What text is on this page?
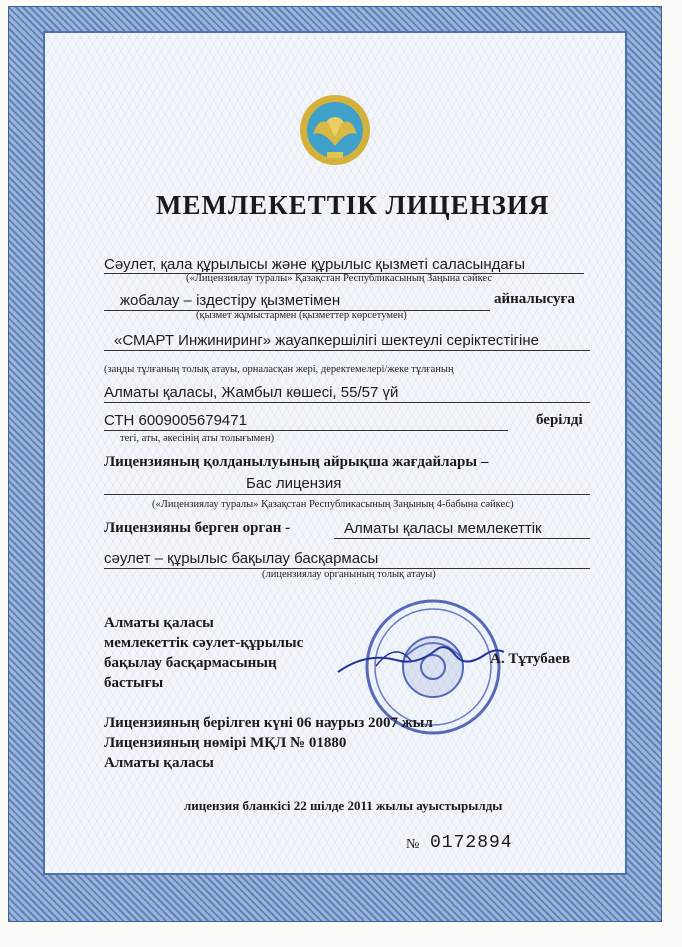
МЕМЛЕКЕТТІК ЛИЦЕНЗИЯ
Сәулет, қала құрылысы және құрылыс қызметі саласындағы
(«Лицензиялау туралы» Қазақстан Республикасының Заңына сәйкес
жобалау – іздестіру қызметімен	айналысуға
(қызмет жұмыстармен (қызметтер көрсетумен)
«СМАРТ Инжиниринг» жауапкершілігі шектеулі серіктестігіне
(заңды тұлғаның толық атауы, орналасқан жері, деректемелері/жеке тұлғаның
Алматы қаласы, Жамбыл көшесі, 55/57 үй
СТН 6009005679471	берілді
тегі, аты, әкесінің аты толығымен)
Лицензияның қолданылуының айрықша жағдайлары –
Бас лицензия
(«Лицензиялау туралы» Қазақстан Республикасының Заңының 4-бабына сәйкес)
Лицензияны берген орган -	Алматы қаласы мемлекеттік
сәулет – құрылыс бақылау басқармасы
(лицензиялау органының толық атауы)
Алматы қаласы
мемлекеттік сәулет-құрылыс
бақылау басқармасының
бастығы
А. Тұтубаев
Лицензияның берілген күні 06 наурыз 2007 жыл
Лицензияның нөмірі МҚЛ № 01880
Алматы қаласы
лицензия бланкісі 22 шілде 2011 жылы ауыстырылды
№ 0172894
